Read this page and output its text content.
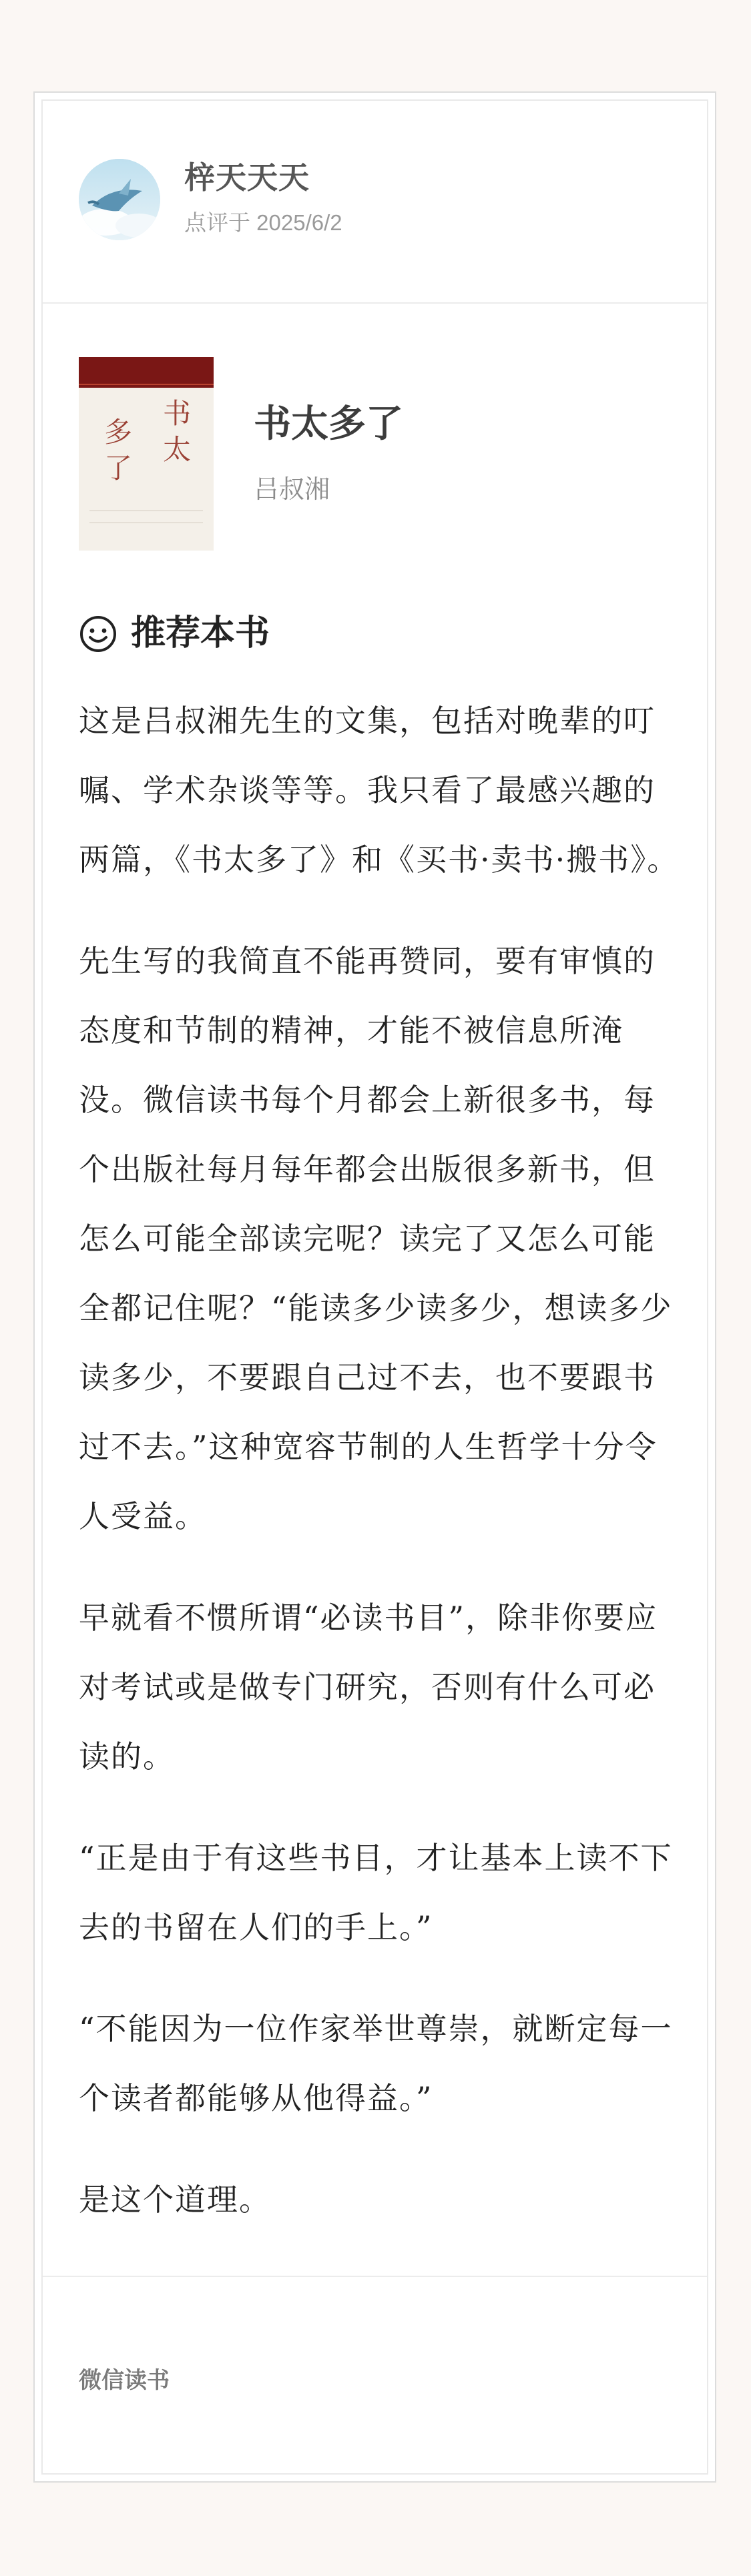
梓天天天
点评于 2025/6/2
书
太
多
了
书太多了
吕叔湘
推荐本书

这是吕叔湘先生的文集，包括对晚辈的叮嘱、学术杂谈等等。我只看了最感兴趣的两篇，《书太多了》和《买书·卖书·搬书》。

先生写的我简直不能再赞同，要有审慎的态度和节制的精神，才能不被信息所淹没。微信读书每个月都会上新很多书，每个出版社每月每年都会出版很多新书，但怎么可能全部读完呢？读完了又怎么可能全都记住呢？“能读多少读多少，想读多少读多少，不要跟自己过不去，也不要跟书过不去。”这种宽容节制的人生哲学十分令人受益。

早就看不惯所谓“必读书目”，除非你要应对考试或是做专门研究，否则有什么可必读的。

“正是由于有这些书目，才让基本上读不下去的书留在人们的手上。”

“不能因为一位作家举世尊崇，就断定每一个读者都能够从他得益。”

是这个道理。

微信读书
